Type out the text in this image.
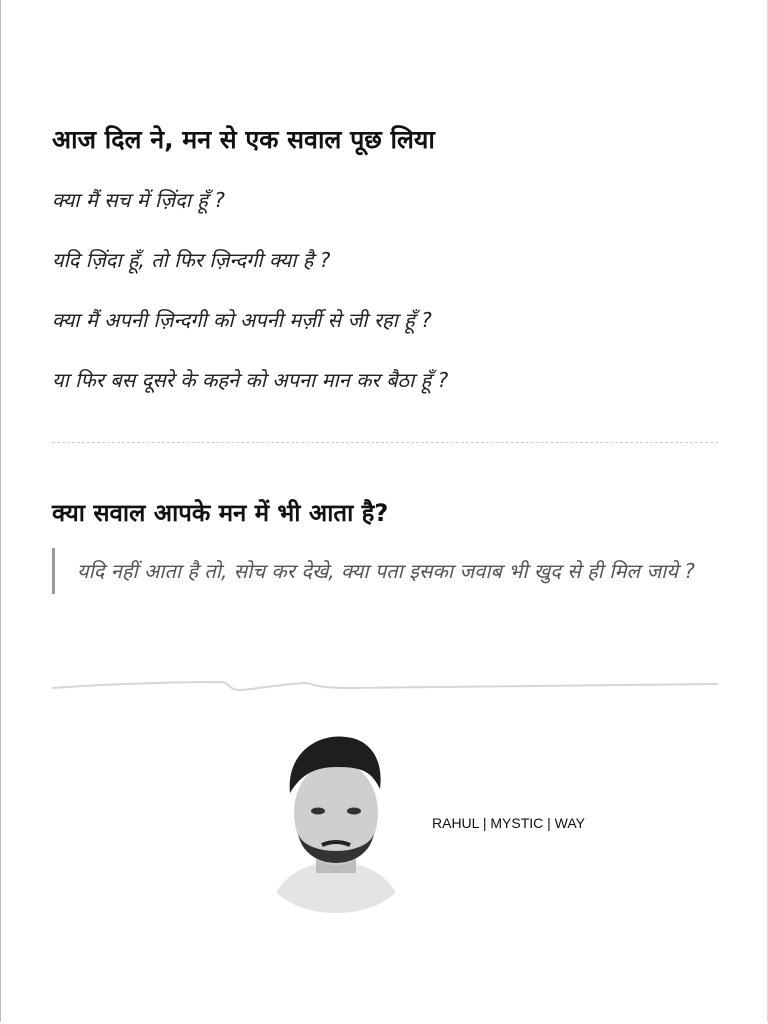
आज दिल ने, मन से एक सवाल पूछ लिया
क्या मैं सच में ज़िंदा हूँ ?
यदि ज़िंदा हूँ, तो फिर ज़िन्दगी क्या है ?
क्या मैं अपनी ज़िन्दगी को अपनी मर्ज़ी से जी रहा हूँ ?
या फिर बस दूसरे के कहने को अपना मान कर बैठा हूँ ?
क्या सवाल आपके मन में भी आता है?
यदि नहीं आता है तो, सोच कर देखे, क्या पता इसका जवाब भी खुद से ही मिल जाये ?
RAHUL | MYSTIC | WAY
